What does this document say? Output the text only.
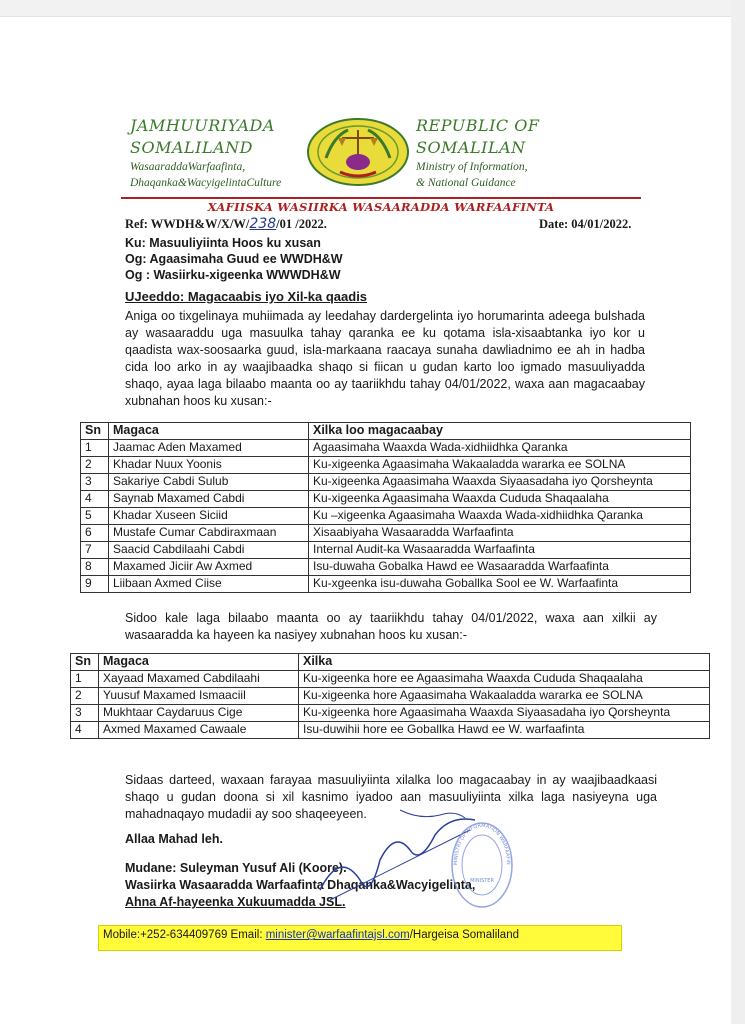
JAMHUURIYADA
SOMALILAND
WasaaraddaWarfaafinta,
Dhaqanka&WacyigelintaCulture
REPUBLIC OF
SOMALILAN
Ministry of Information,
& National Guidance
XAFIISKA WASIIRKA WASAARADDA WARFAAFINTA
Ref: WWDH&W/X/W/238/01 /2022.	Date: 04/01/2022.
Ku: Masuuliyiinta Hoos ku xusan
Og: Agaasimaha Guud ee WWDH&W
Og : Wasiirku-xigeenka WWWDH&W
UJeeddo: Magacaabis iyo Xil-ka qaadis
Aniga oo tixgelinaya muhiimada ay leedahay dardergelinta iyo horumarinta adeega bulshada ay wasaaraddu uga masuulka tahay qaranka ee ku qotama isla-xisaabtanka iyo kor u qaadista wax-soosaarka guud, isla-markaana raacaya sunaha dawliadnimo ee ah in hadba cida loo arko in ay waajibaadka shaqo si fiican u gudan karto loo igmado masuuliyadda shaqo, ayaa laga bilaabo maanta oo ay taariikhdu tahay 04/01/2022, waxa aan magacaabay xubnahan hoos ku xusan:-
Sn	Magaca	Xilka loo magacaabay
1	Jaamac Aden Maxamed	Agaasimaha Waaxda Wada-xidhiidhka Qaranka
2	Khadar Nuux Yoonis	Ku-xigeenka Agaasimaha Wakaaladda wararka ee SOLNA
3	Sakariye Cabdi Sulub	Ku-xigeenka Agaasimaha Waaxda Siyaasadaha iyo Qorsheynta
4	Saynab Maxamed Cabdi	Ku-xigeenka Agaasimaha Waaxda Cududa Shaqaalaha
5	Khadar Xuseen Siciid	Ku –xigeenka Agaasimaha Waaxda Wada-xidhiidhka Qaranka
6	Mustafe Cumar Cabdiraxmaan	Xisaabiyaha Wasaaradda Warfaafinta
7	Saacid Cabdilaahi Cabdi	Internal Audit-ka Wasaaradda Warfaafinta
8	Maxamed Jiciir Aw Axmed	Isu-duwaha Gobalka Hawd ee Wasaaradda Warfaafinta
9	Liibaan Axmed Ciise	Ku-xgeenka isu-duwaha Goballka Sool ee W. Warfaafinta
Sidoo kale laga bilaabo maanta oo ay taariikhdu tahay 04/01/2022, waxa aan xilkii ay wasaaradda ka hayeen ka nasiyey xubnahan hoos ku xusan:-
Sn	Magaca	Xilka
1	Xayaad Maxamed Cabdilaahi	Ku-xigeenka hore ee Agaasimaha Waaxda Cududa Shaqaalaha
2	Yuusuf Maxamed Ismaaciil	Ku-xigeenka hore Agaasimaha Wakaaladda wararka ee SOLNA
3	Mukhtaar Caydaruus Cige	Ku-xigeenka hore Agaasimaha Waaxda Siyaasadaha iyo Qorsheynta
4	Axmed Maxamed Cawaale	Isu-duwihii hore ee Goballka Hawd ee W. warfaafinta
Sidaas darteed, waxaan farayaa masuuliyiinta xilalka loo magacaabay in ay waajibaadkaasi shaqo u gudan doona si xil kasnimo iyadoo aan masuuliyiinta xilka laga nasiyeyna uga mahadnaqayo mudadii ay soo shaqeeyeen.
Allaa Mahad leh.
Mudane: Suleyman Yusuf Ali (Koore).
Wasiirka Wasaaradda Warfaafinta Dhaqanka&Wacyigelinta,
Ahna Af-hayeenka Xukuumadda JSL.
MINISTRY OF INFORMATION WARFAAFIN
MINISTER
Mobile:+252-634409769 Email: minister@warfaafintajsl.com/Hargeisa Somaliland
